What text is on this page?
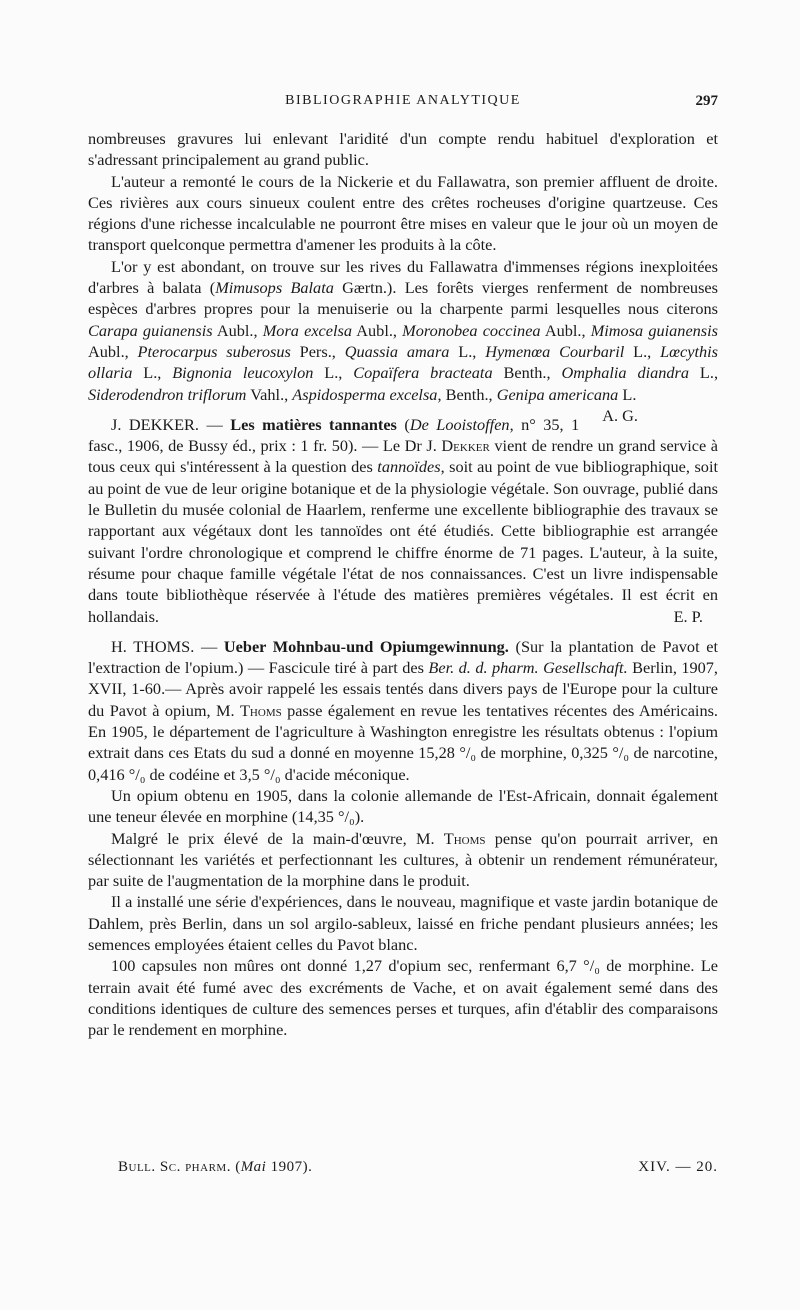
BIBLIOGRAPHIE ANALYTIQUE	297

nombreuses gravures lui enlevant l'aridité d'un compte rendu habituel d'exploration et s'adressant principalement au grand public.

L'auteur a remonté le cours de la Nickerie et du Fallawatra, son premier affluent de droite. Ces rivières aux cours sinueux coulent entre des crêtes rocheuses d'origine quartzeuse. Ces régions d'une richesse incalculable ne pourront être mises en valeur que le jour où un moyen de transport quelconque permettra d'amener les produits à la côte.

L'or y est abondant, on trouve sur les rives du Fallawatra d'immenses régions inexploitées d'arbres à balata (Mimusops Balata Gærtn.). Les forêts vierges renferment de nombreuses espèces d'arbres propres pour la menuiserie ou la charpente parmi lesquelles nous citerons Carapa guianensis Aubl., Mora excelsa Aubl., Moronobea coccinea Aubl., Mimosa guianensis Aubl., Pterocarpus suberosus Pers., Quassia amara L., Hymenœa Courbaril L., Lœcythis ollaria L., Bignonia leucoxylon L., Copaïfera bracteata Benth., Omphalia diandra L., Siderodendron triflorum Vahl., Aspidosperma excelsa, Benth., Genipa americana L.
A. G.

J. DEKKER. — Les matières tannantes (De Looistoffen, n° 35, 1 fasc., 1906, de Bussy éd., prix : 1 fr. 50). — Le Dr J. Dekker vient de rendre un grand service à tous ceux qui s'intéressent à la question des tannoïdes, soit au point de vue bibliographique, soit au point de vue de leur origine botanique et de la physiologie végétale. Son ouvrage, publié dans le Bulletin du musée colonial de Haarlem, renferme une excellente bibliographie des travaux se rapportant aux végétaux dont les tannoïdes ont été étudiés. Cette bibliographie est arrangée suivant l'ordre chronologique et comprend le chiffre énorme de 71 pages. L'auteur, à la suite, résume pour chaque famille végétale l'état de nos connaissances. C'est un livre indispensable dans toute bibliothèque réservée à l'étude des matières premières végétales. Il est écrit en hollandais.	E. P.

H. THOMS. — Ueber Mohnbau-und Opiumgewinnung. (Sur la plantation de Pavot et l'extraction de l'opium.) — Fascicule tiré à part des Ber. d. d. pharm. Gesellschaft. Berlin, 1907, XVII, 1-60.— Après avoir rappelé les essais tentés dans divers pays de l'Europe pour la culture du Pavot à opium, M. Thoms passe également en revue les tentatives récentes des Américains. En 1905, le département de l'agriculture à Washington enregistre les résultats obtenus : l'opium extrait dans ces Etats du sud a donné en moyenne 15,28 °/₀ de morphine, 0,325 °/₀ de narcotine, 0,416 °/₀ de codéine et 3,5 °/₀ d'acide méconique.

Un opium obtenu en 1905, dans la colonie allemande de l'Est-Africain, donnait également une teneur élevée en morphine (14,35 °/₀).

Malgré le prix élevé de la main-d'œuvre, M. Thoms pense qu'on pourrait arriver, en sélectionnant les variétés et perfectionnant les cultures, à obtenir un rendement rémunérateur, par suite de l'augmentation de la morphine dans le produit.

Il a installé une série d'expériences, dans le nouveau, magnifique et vaste jardin botanique de Dahlem, près Berlin, dans un sol argilo-sableux, laissé en friche pendant plusieurs années; les semences employées étaient celles du Pavot blanc.

100 capsules non mûres ont donné 1,27 d'opium sec, renfermant 6,7 °/₀ de morphine. Le terrain avait été fumé avec des excréments de Vache, et on avait également semé dans des conditions identiques de culture des semences perses et turques, afin d'établir des comparaisons par le rendement en morphine.

Bull. Sc. pharm. (Mai 1907).	XIV. — 20.
